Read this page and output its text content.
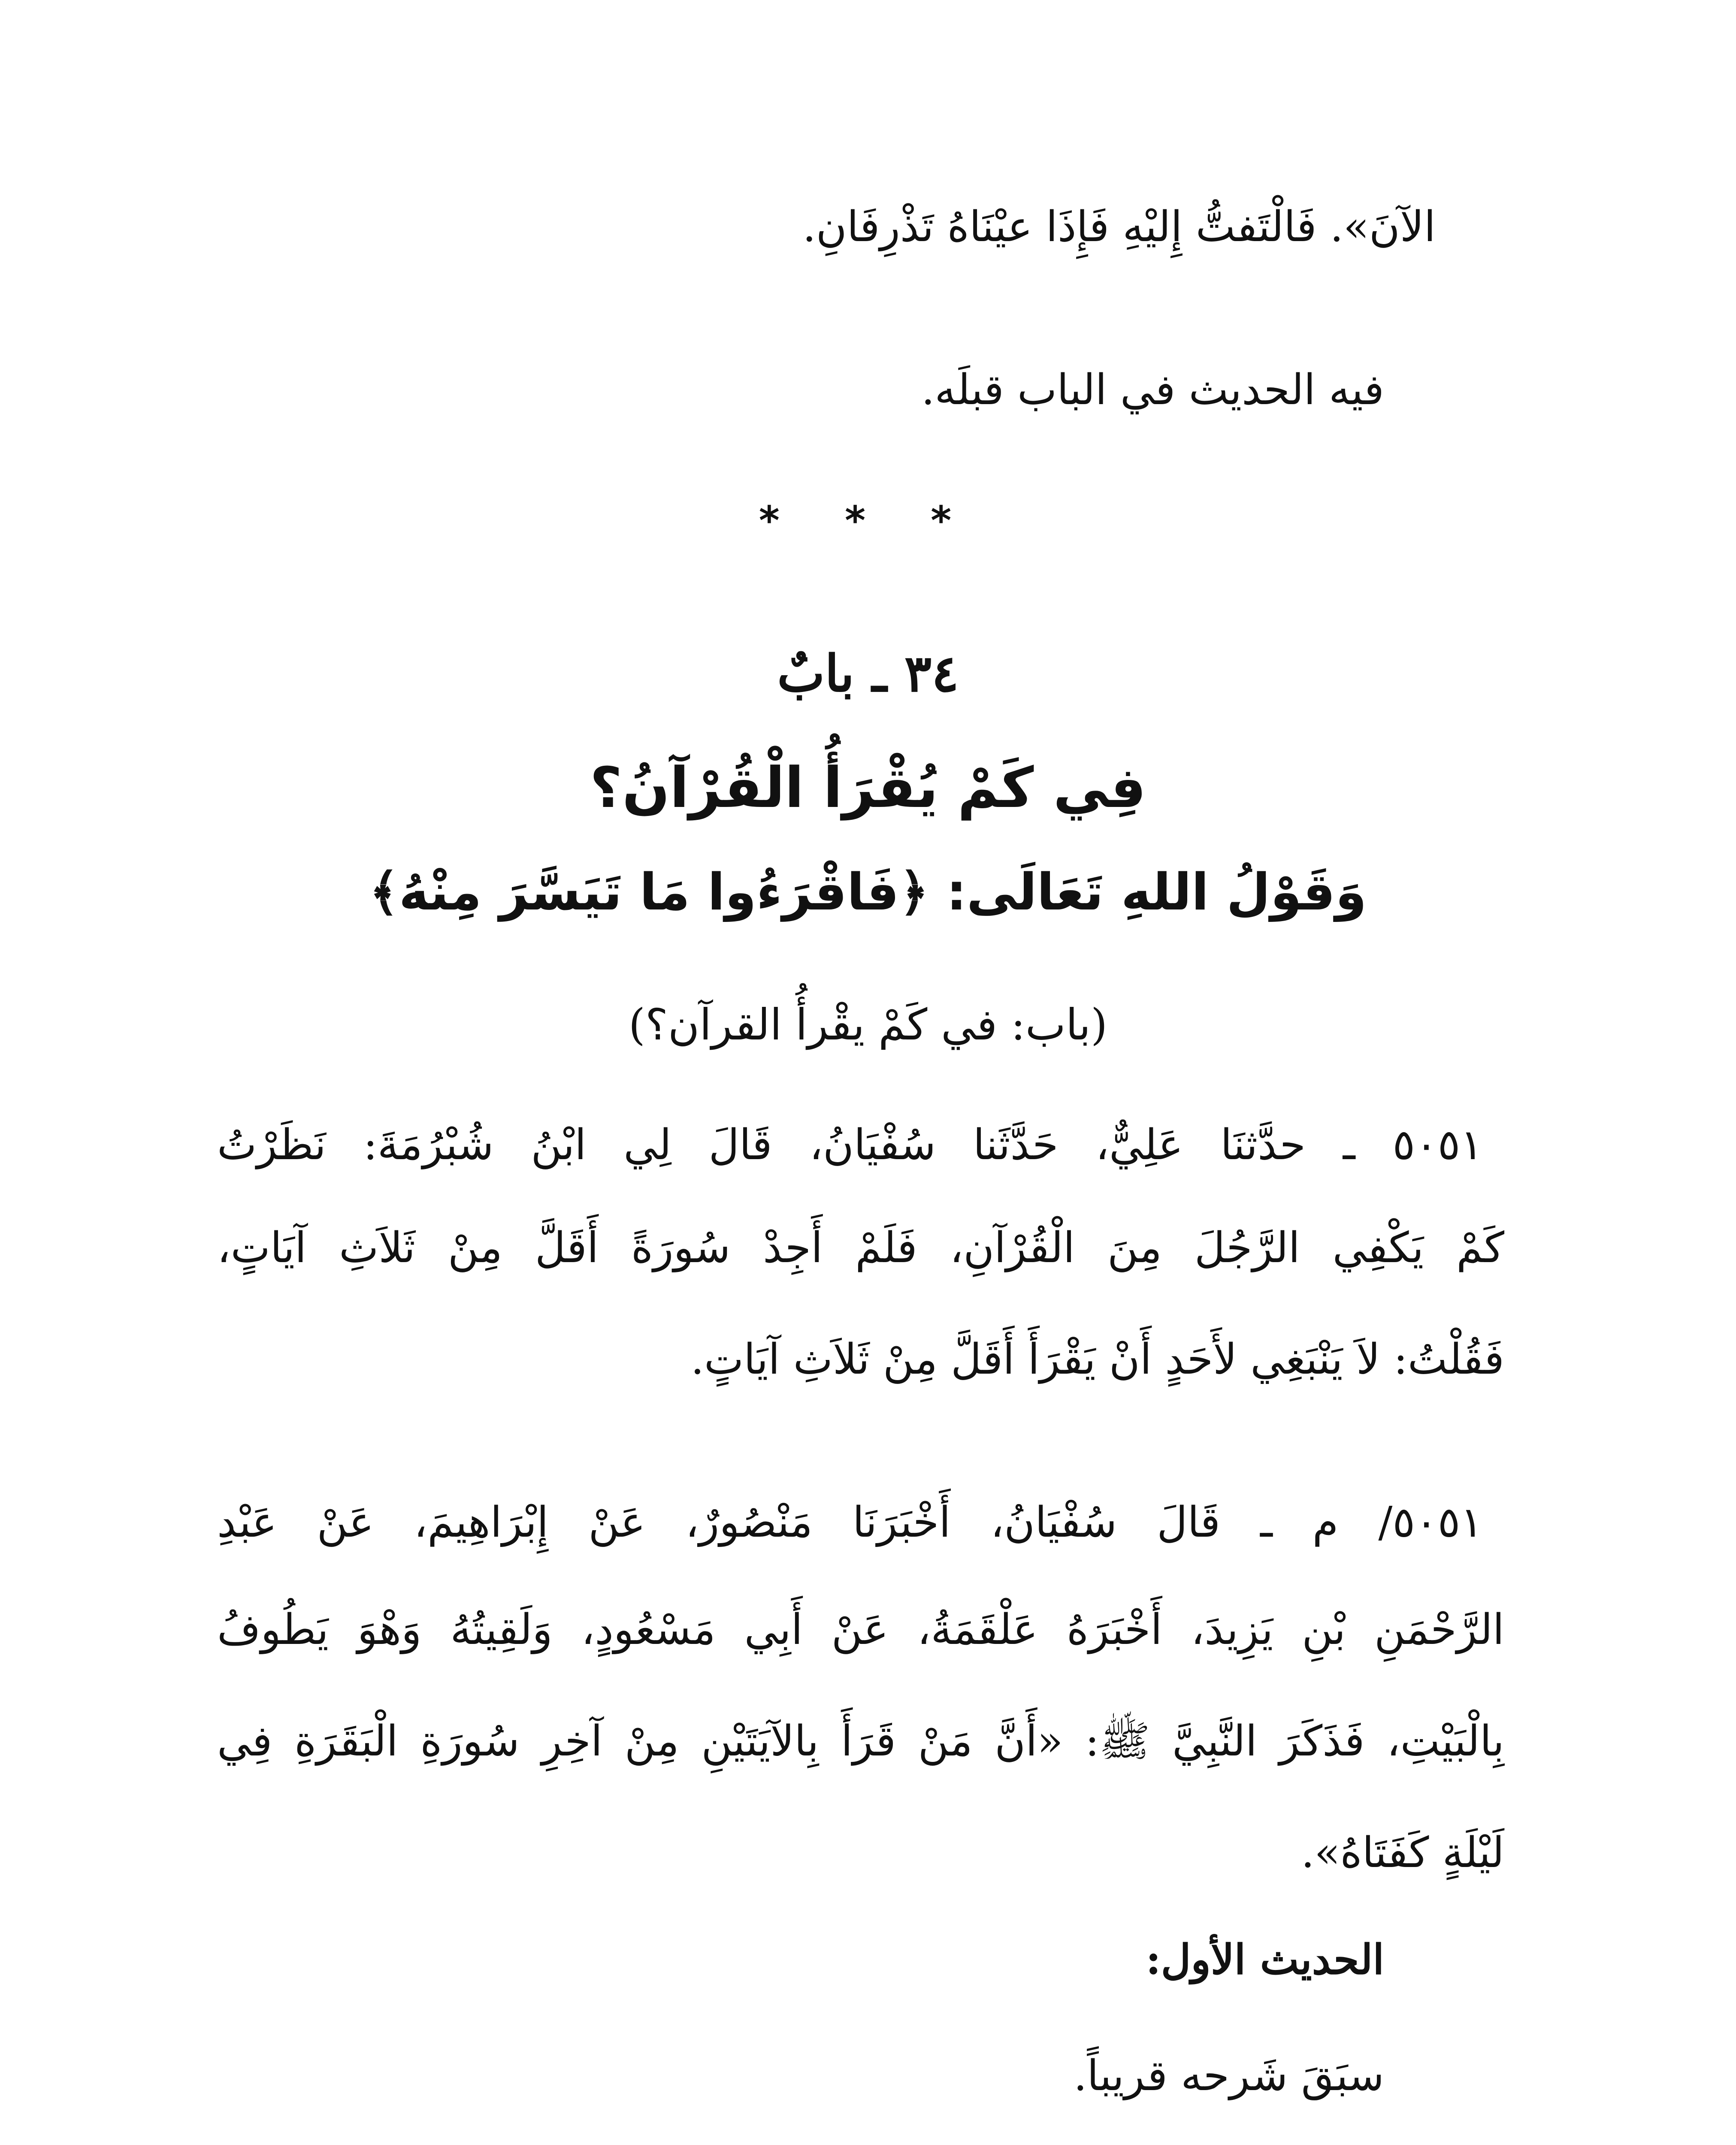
الآنَ». فَالْتَفتُّ إِليْهِ فَإِذَا عيْنَاهُ تَذْرِفَانِ.
فيه الحديث في الباب قبلَه.
* * *
٣٤ ـ بابٌ
فِي كَمْ يُقْرَأُ الْقُرْآنُ؟
وَقَوْلُ اللهِ تَعَالَى: ﴿فَاقْرَءُوا مَا تَيَسَّرَ مِنْهُ﴾
(باب: في كَمْ يقْرأُ القرآن؟)
٥٠٥١ ـ حدَّثنَا عَلِيٌّ، حَدَّثَنا سُفْيَانُ، قَالَ لِي ابْنُ شُبْرُمَةَ: نَظَرْتُ
كَمْ يَكْفِي الرَّجُلَ مِنَ الْقُرْآنِ، فَلَمْ أَجِدْ سُورَةً أَقَلَّ مِنْ ثَلاَثِ آيَاتٍ،
فَقُلْتُ: لاَ يَنْبَغِي لأَحَدٍ أَنْ يَقْرَأَ أَقَلَّ مِنْ ثَلاَثِ آيَاتٍ.
٥٠٥١/ م ـ قَالَ سُفْيَانُ، أَخْبَرَنَا مَنْصُورٌ، عَنْ إِبْرَاهِيمَ، عَنْ عَبْدِ
الرَّحْمَنِ بْنِ يَزِيدَ، أَخْبَرَهُ عَلْقَمَةُ، عَنْ أَبِي مَسْعُودٍ، وَلَقِيتُهُ وَهْوَ يَطُوفُ
بِالْبَيْتِ، فَذَكَرَ النَّبِيَّ ﷺ: «أَنَّ مَنْ قَرَأَ بِالآيَتَيْنِ مِنْ آخِرِ سُورَةِ الْبَقَرَةِ فِي
لَيْلَةٍ كَفَتَاهُ».
الحديث الأول:
سبَقَ شَرحه قريباً.
